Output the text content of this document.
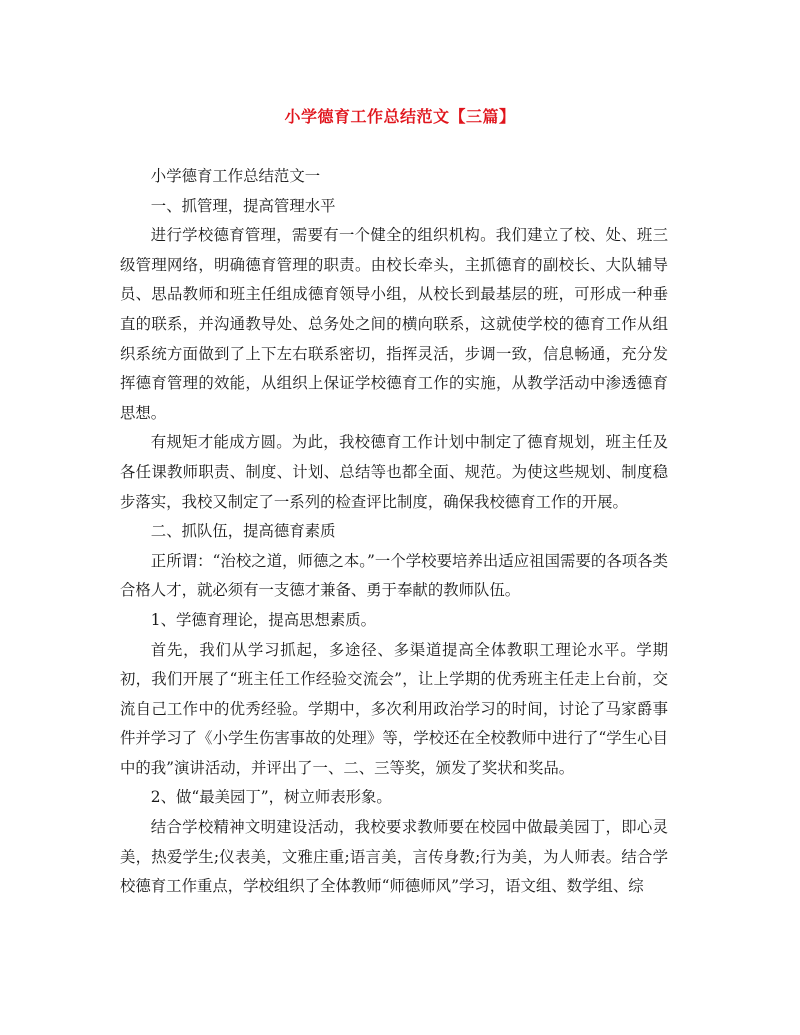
小学德育工作总结范文【三篇】

小学德育工作总结范文一

一、抓管理，提高管理水平

进行学校德育管理，需要有一个健全的组织机构。我们建立了校、处、班三级管理网络，明确德育管理的职责。由校长牵头，主抓德育的副校长、大队辅导员、思品教师和班主任组成德育领导小组，从校长到最基层的班，可形成一种垂直的联系，并沟通教导处、总务处之间的横向联系，这就使学校的德育工作从组织系统方面做到了上下左右联系密切，指挥灵活，步调一致，信息畅通，充分发挥德育管理的效能，从组织上保证学校德育工作的实施，从教学活动中渗透德育思想。

有规矩才能成方圆。为此，我校德育工作计划中制定了德育规划，班主任及各任课教师职责、制度、计划、总结等也都全面、规范。为使这些规划、制度稳步落实，我校又制定了一系列的检查评比制度，确保我校德育工作的开展。

二、抓队伍，提高德育素质

正所谓：“治校之道，师德之本。”一个学校要培养出适应祖国需要的各项各类合格人才，就必须有一支德才兼备、勇于奉献的教师队伍。

1、学德育理论，提高思想素质。

首先，我们从学习抓起，多途径、多渠道提高全体教职工理论水平。学期初，我们开展了“班主任工作经验交流会”，让上学期的优秀班主任走上台前，交流自己工作中的优秀经验。学期中，多次利用政治学习的时间，讨论了马家爵事件并学习了《小学生伤害事故的处理》等，学校还在全校教师中进行了“学生心目中的我”演讲活动，并评出了一、二、三等奖，颁发了奖状和奖品。

2、做“最美园丁”，树立师表形象。

结合学校精神文明建设活动，我校要求教师要在校园中做最美园丁，即心灵美，热爱学生;仪表美，文雅庄重;语言美，言传身教;行为美，为人师表。结合学校德育工作重点，学校组织了全体教师“师德师风”学习，语文组、数学组、综
